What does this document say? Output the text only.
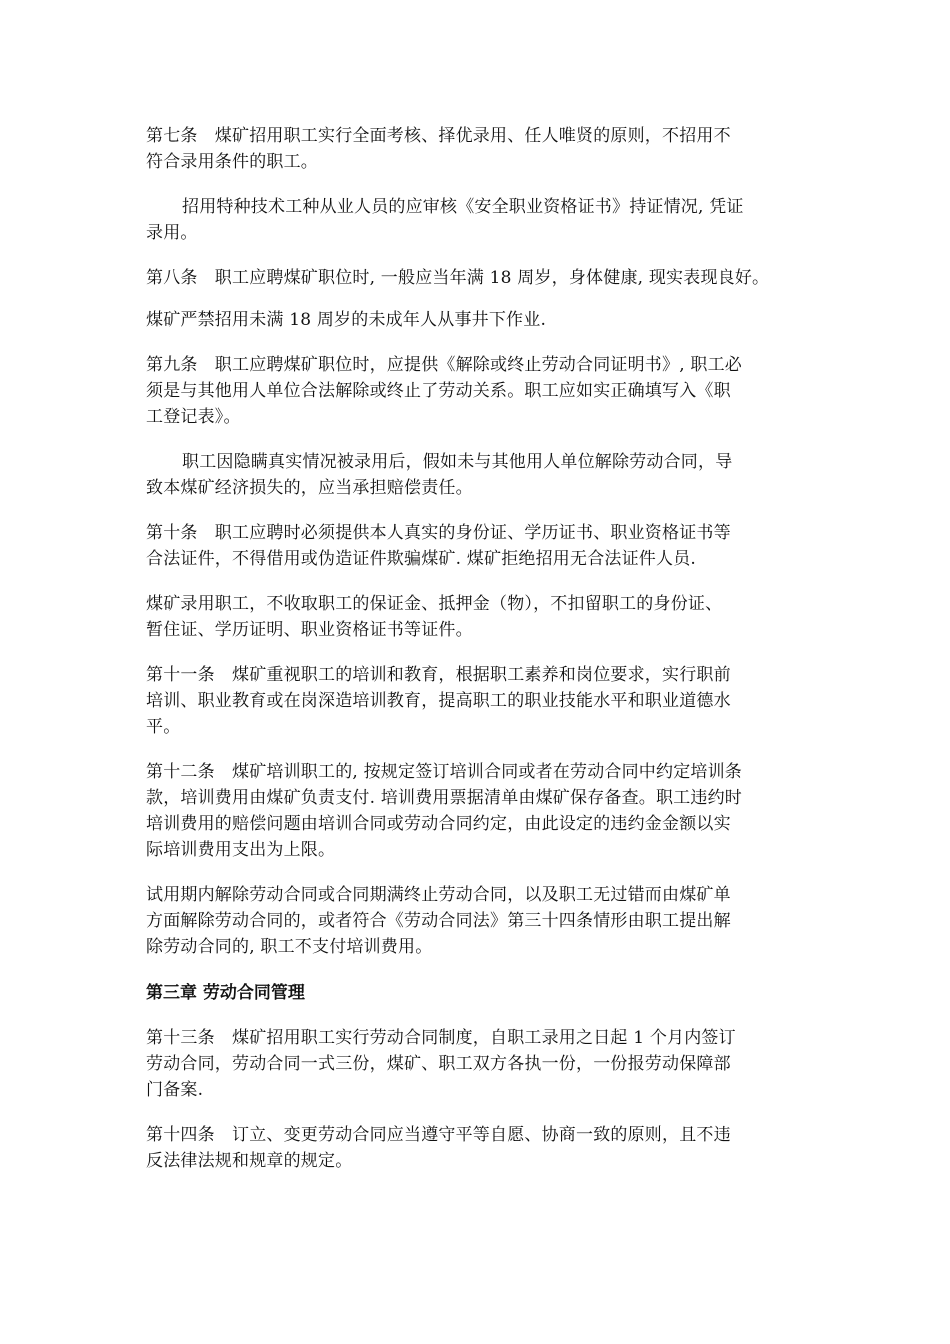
第七条　煤矿招用职工实行全面考核、择优录用、任人唯贤的原则，不招用不
符合录用条件的职工。

招用特种技术工种从业人员的应审核《安全职业资格证书》持证情况, 凭证
录用。

第八条　职工应聘煤矿职位时, 一般应当年满 18 周岁，身体健康, 现实表现良好。

煤矿严禁招用未满 18 周岁的未成年人从事井下作业.

第九条　职工应聘煤矿职位时，应提供《解除或终止劳动合同证明书》, 职工必
须是与其他用人单位合法解除或终止了劳动关系。职工应如实正确填写入《职
工登记表》。

职工因隐瞒真实情况被录用后，假如未与其他用人单位解除劳动合同，导
致本煤矿经济损失的，应当承担赔偿责任。

第十条　职工应聘时必须提供本人真实的身份证、学历证书、职业资格证书等
合法证件，不得借用或伪造证件欺骗煤矿. 煤矿拒绝招用无合法证件人员.

煤矿录用职工，不收取职工的保证金、抵押金（物），不扣留职工的身份证、
暂住证、学历证明、职业资格证书等证件。

第十一条　煤矿重视职工的培训和教育，根据职工素养和岗位要求，实行职前
培训、职业教育或在岗深造培训教育，提高职工的职业技能水平和职业道德水
平。

第十二条　煤矿培训职工的, 按规定签订培训合同或者在劳动合同中约定培训条
款，培训费用由煤矿负责支付. 培训费用票据清单由煤矿保存备查。职工违约时
培训费用的赔偿问题由培训合同或劳动合同约定，由此设定的违约金金额以实
际培训费用支出为上限。

试用期内解除劳动合同或合同期满终止劳动合同，以及职工无过错而由煤矿单
方面解除劳动合同的，或者符合《劳动合同法》第三十四条情形由职工提出解
除劳动合同的, 职工不支付培训费用。

第三章 劳动合同管理

第十三条　煤矿招用职工实行劳动合同制度，自职工录用之日起 1 个月内签订
劳动合同，劳动合同一式三份，煤矿、职工双方各执一份，一份报劳动保障部
门备案.

第十四条　订立、变更劳动合同应当遵守平等自愿、协商一致的原则，且不违
反法律法规和规章的规定。
